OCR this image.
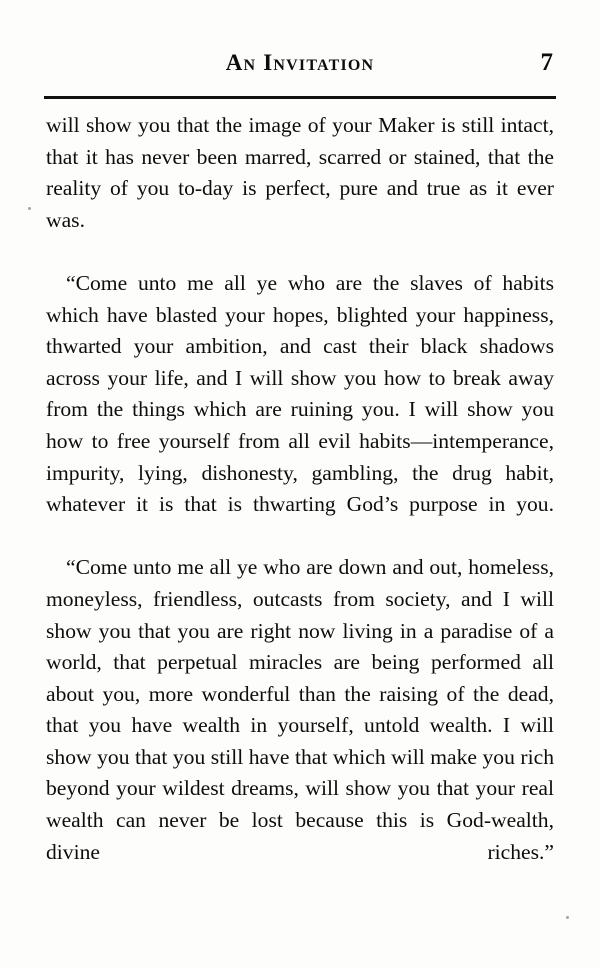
An Invitation	7

will show you that the image of your Maker is still intact, that it has never been marred, scarred or stained, that the reality of you to-day is perfect, pure and true as it ever was.

“Come unto me all ye who are the slaves of habits which have blasted your hopes, blighted your happiness, thwarted your ambition, and cast their black shadows across your life, and I will show you how to break away from the things which are ruining you. I will show you how to free yourself from all evil habits—intemperance, impurity, lying, dishonesty, gambling, the drug habit, whatever it is that is thwarting God’s purpose in you.

“Come unto me all ye who are down and out, homeless, moneyless, friendless, outcasts from society, and I will show you that you are right now living in a paradise of a world, that perpetual miracles are being performed all about you, more wonderful than the raising of the dead, that you have wealth in yourself, untold wealth. I will show you that you still have that which will make you rich beyond your wildest dreams, will show you that your real wealth can never be lost because this is God-wealth, divine riches.”
